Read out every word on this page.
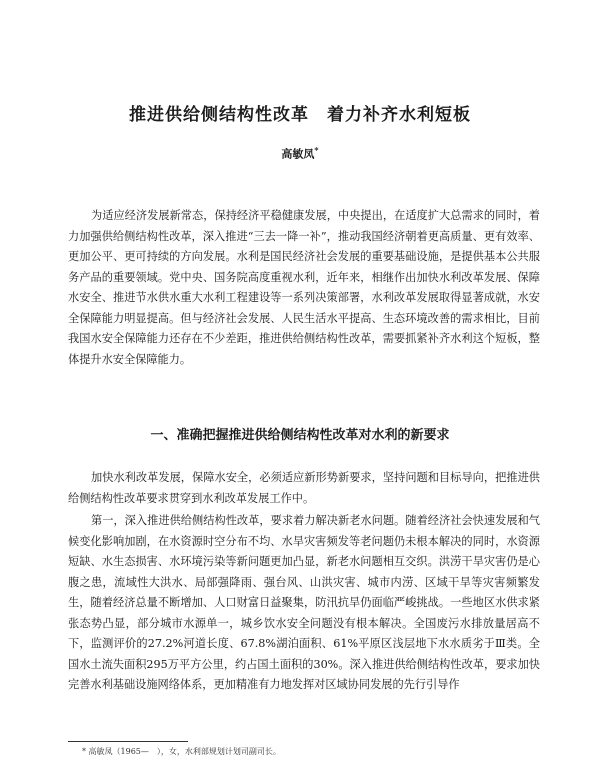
推进供给侧结构性改革　着力补齐水利短板
高敏凤*

为适应经济发展新常态，保持经济平稳健康发展，中央提出，在适度扩大总需求的同时，着力加强供给侧结构性改革，深入推进“三去一降一补”，推动我国经济朝着更高质量、更有效率、更加公平、更可持续的方向发展。水利是国民经济社会发展的重要基础设施，是提供基本公共服务产品的重要领域。党中央、国务院高度重视水利，近年来，相继作出加快水利改革发展、保障水安全、推进节水供水重大水利工程建设等一系列决策部署，水利改革发展取得显著成就，水安全保障能力明显提高。但与经济社会发展、人民生活水平提高、生态环境改善的需求相比，目前我国水安全保障能力还存在不少差距，推进供给侧结构性改革，需要抓紧补齐水利这个短板，整体提升水安全保障能力。

一、准确把握推进供给侧结构性改革对水利的新要求

加快水利改革发展，保障水安全，必须适应新形势新要求，坚持问题和目标导向，把推进供给侧结构性改革要求贯穿到水利改革发展工作中。

第一，深入推进供给侧结构性改革，要求着力解决新老水问题。随着经济社会快速发展和气候变化影响加剧，在水资源时空分布不均、水旱灾害频发等老问题仍未根本解决的同时，水资源短缺、水生态损害、水环境污染等新问题更加凸显，新老水问题相互交织。洪涝干旱灾害仍是心腹之患，流域性大洪水、局部强降雨、强台风、山洪灾害、城市内涝、区域干旱等灾害频繁发生，随着经济总量不断增加、人口财富日益聚集，防汛抗旱仍面临严峻挑战。一些地区水供求紧张态势凸显，部分城市水源单一，城乡饮水安全问题没有根本解决。全国废污水排放量居高不下，监测评价的27.2%河道长度、67.8%湖泊面积、61%平原区浅层地下水水质劣于Ⅲ类。全国水土流失面积295万平方公里，约占国土面积的30%。深入推进供给侧结构性改革，要求加快完善水利基础设施网络体系，更加精准有力地发挥对区域协同发展的先行引导作

* 高敏凤（1965—　），女，水利部规划计划司副司长。
